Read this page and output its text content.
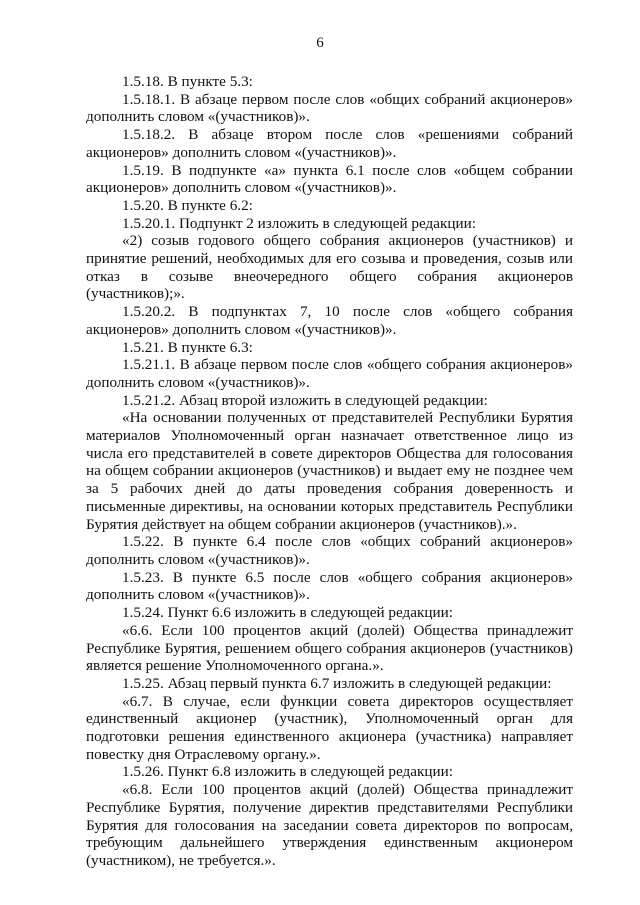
6

1.5.18. В пункте 5.3:

1.5.18.1. В абзаце первом после слов «общих собраний акционеров» дополнить словом «(участников)».

1.5.18.2. В абзаце втором после слов «решениями собраний акционеров» дополнить словом «(участников)».

1.5.19. В подпункте «а» пункта 6.1 после слов «общем собрании акционеров» дополнить словом «(участников)».

1.5.20. В пункте 6.2:

1.5.20.1. Подпункт 2 изложить в следующей редакции:

«2) созыв годового общего собрания акционеров (участников) и принятие решений, необходимых для его созыва и проведения, созыв или отказ в созыве внеочередного общего собрания акционеров (участников);».

1.5.20.2. В подпунктах 7, 10 после слов «общего собрания акционеров» дополнить словом «(участников)».

1.5.21. В пункте 6.3:

1.5.21.1. В абзаце первом после слов «общего собрания акционеров» дополнить словом «(участников)».

1.5.21.2. Абзац второй изложить в следующей редакции:

«На основании полученных от представителей Республики Бурятия материалов Уполномоченный орган назначает ответственное лицо из числа его представителей в совете директоров Общества для голосования на общем собрании акционеров (участников) и выдает ему не позднее чем за 5 рабочих дней до даты проведения собрания доверенность и письменные директивы, на основании которых представитель Республики Бурятия действует на общем собрании акционеров (участников).».

1.5.22. В пункте 6.4 после слов «общих собраний акционеров» дополнить словом «(участников)».

1.5.23. В пункте 6.5 после слов «общего собрания акционеров» дополнить словом «(участников)».

1.5.24. Пункт 6.6 изложить в следующей редакции:

«6.6. Если 100 процентов акций (долей) Общества принадлежит Республике Бурятия, решением общего собрания акционеров (участников) является решение Уполномоченного органа.».

1.5.25. Абзац первый пункта 6.7 изложить в следующей редакции:

«6.7. В случае, если функции совета директоров осуществляет единственный акционер (участник), Уполномоченный орган для подготовки решения единственного акционера (участника) направляет повестку дня Отраслевому органу.».

1.5.26. Пункт 6.8 изложить в следующей редакции:

«6.8. Если 100 процентов акций (долей) Общества принадлежит Республике Бурятия, получение директив представителями Республики Бурятия для голосования на заседании совета директоров по вопросам, требующим дальнейшего утверждения единственным акционером (участником), не требуется.».
